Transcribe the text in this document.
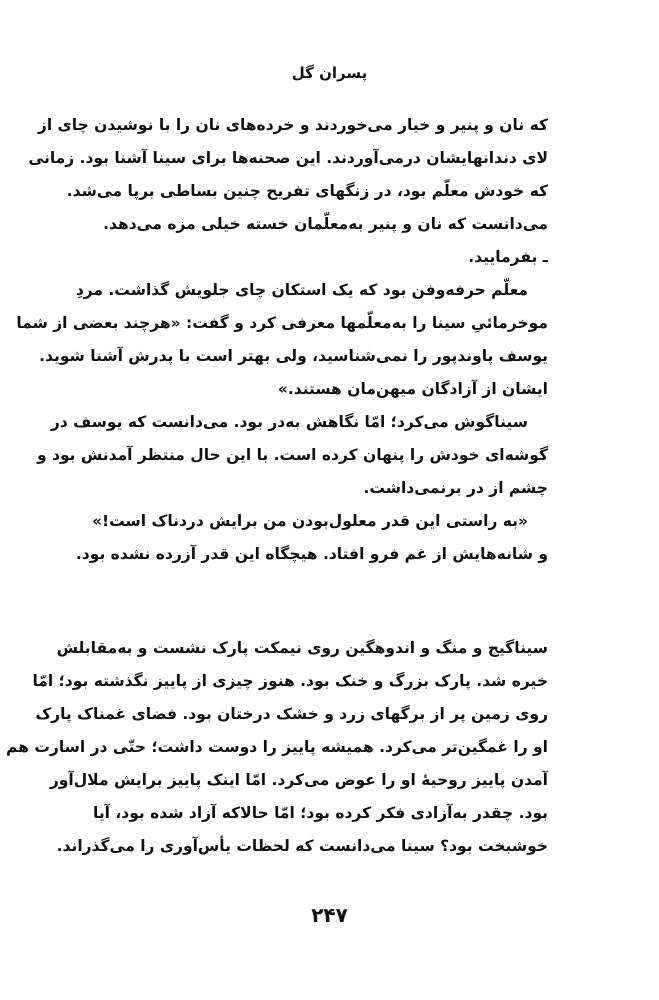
پسران گل
که نان و پنیر و خیار می‌خوردند و خرده‌های نان را با نوشیدن چای از
لای دندانهایشان درمی‌آوردند. این صحنه‌ها برای سینا آشنا بود. زمانی
که خودش معلّم بود، در زنگهای تفریح چنین بساطی برپا می‌شد.
می‌دانست که نان و پنیر به‌معلّمان خسته خیلی مزه می‌دهد.
ـ بفرمایید.
معلّم حرفه‌وفن بود که یک استکان چای جلویش گذاشت. مردِ
موخرمائیِ سینا را به‌معلّمها معرفی کرد و گفت: «هرچند بعضی از شما
یوسف پاوندپور را نمی‌شناسید، ولی بهتر است با پدرش آشنا شوید.
ایشان از آزادگان میهن‌مان هستند.»
سیناگوش می‌کرد؛ امّا نگاهش به‌در بود. می‌دانست که یوسف در
گوشه‌ای خودش را پنهان کرده است. با این حال منتظر آمدنش بود و
چشم از در برنمی‌داشت.
«به راستی این قدر معلول‌بودن من برایش دردناک است!»
و شانه‌هایش از غم فرو افتاد. هیچگاه این قدر آزرده نشده بود.
سیناگیج و منگ و اندوهگین روی نیمکت پارک نشست و به‌مقابلش
خیره شد. پارک بزرگ و خنک بود. هنوز چیزی از پاییز نگذشته بود؛ امّا
روی زمین پر از برگهای زرد و خشک درختان بود. فضای غمناک پارک
او را غمگین‌تر می‌کرد. همیشه پاییز را دوست داشت؛ حتّی در اسارت هم
آمدن پاییز روحیهٔ او را عوض می‌کرد. امّا اینک پاییز برایش ملال‌آور
بود. چقدر به‌آزادی فکر کرده بود؛ امّا حالاکه آزاد شده بود، آیا
خوشبخت بود؟ سینا می‌دانست که لحظات یأس‌آوری را می‌گذراند.
۲۴۷
